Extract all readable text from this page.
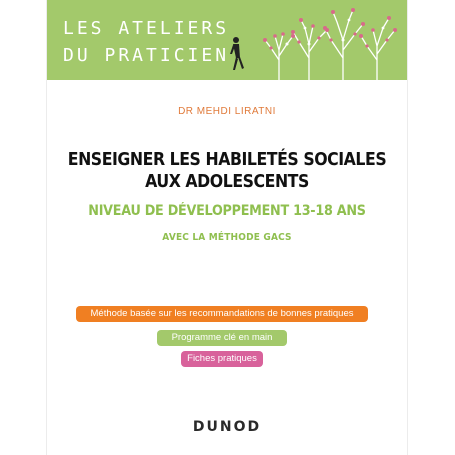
LES ATELIERS
DU PRATICIEN
DR MEHDI LIRATNI
ENSEIGNER LES HABILETÉS SOCIALES
AUX ADOLESCENTS
NIVEAU DE DÉVELOPPEMENT 13-18 ANS
AVEC LA MÉTHODE GACS
Méthode basée sur les recommandations de bonnes pratiques
Programme clé en main
Fiches pratiques
DUNOD
